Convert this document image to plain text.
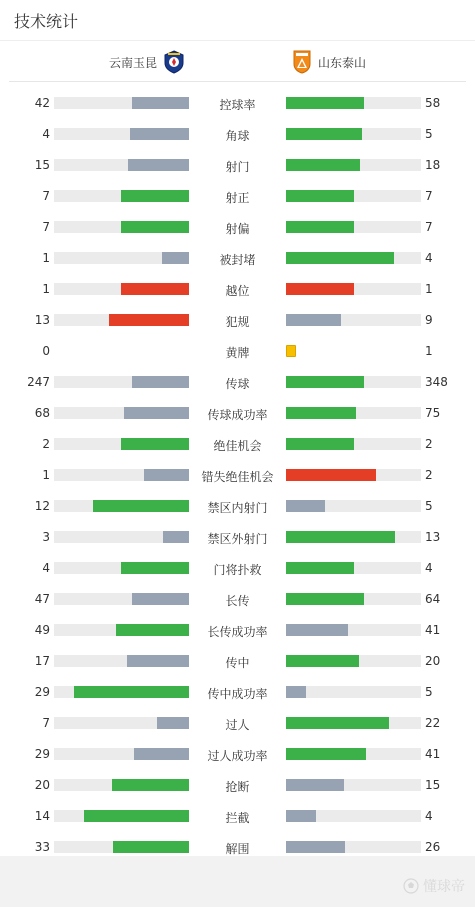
技术统计
云南玉昆	山东泰山
42	控球率	58
4	角球	5
15	射门	18
7	射正	7
7	射偏	7
1	被封堵	4
1	越位	1
13	犯规	9
0	黄牌	1
247	传球	348
68	传球成功率	75
2	绝佳机会	2
1	错失绝佳机会	2
12	禁区内射门	5
3	禁区外射门	13
4	门将扑救	4
47	长传	64
49	长传成功率	41
17	传中	20
29	传中成功率	5
7	过人	22
29	过人成功率	41
20	抢断	15
14	拦截	4
33	解围	26
懂球帝
